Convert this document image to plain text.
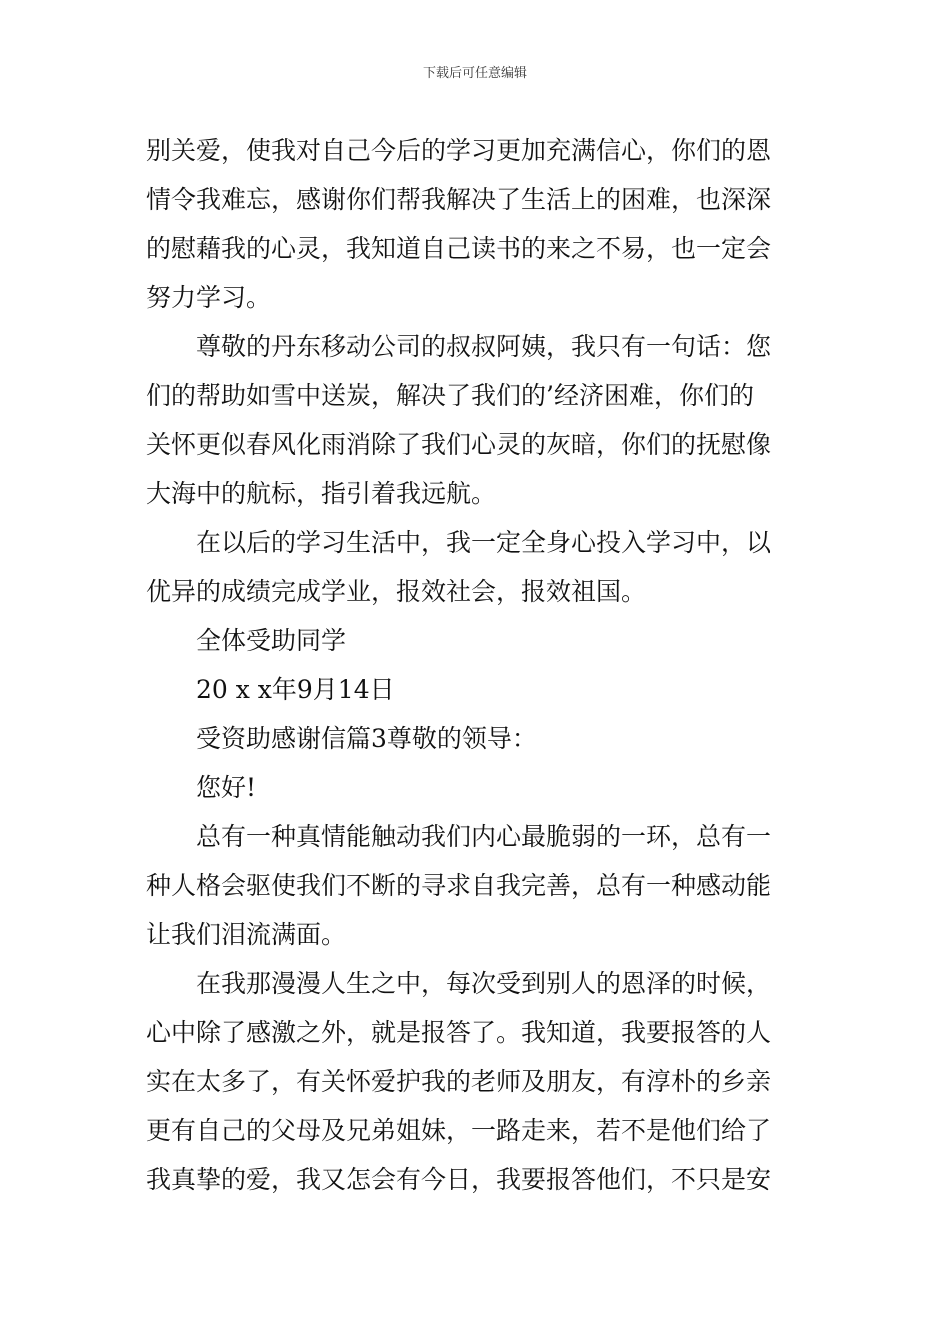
下载后可任意编辑
别关爱，使我对自己今后的学习更加充满信心，你们的恩
情令我难忘，感谢你们帮我解决了生活上的困难，也深深
的慰藉我的心灵，我知道自己读书的来之不易，也一定会
努力学习。
尊敬的丹东移动公司的叔叔阿姨，我只有一句话：您
们的帮助如雪中送炭，解决了我们的’经济困难，你们的
关怀更似春风化雨消除了我们心灵的灰暗，你们的抚慰像
大海中的航标，指引着我远航。
在以后的学习生活中，我一定全身心投入学习中，以
优异的成绩完成学业，报效社会，报效祖国。
全体受助同学
20 x x年9月14日
受资助感谢信篇3尊敬的领导：
您好!
总有一种真情能触动我们内心最脆弱的一环，总有一
种人格会驱使我们不断的寻求自我完善，总有一种感动能
让我们泪流满面。
在我那漫漫人生之中，每次受到别人的恩泽的时候，
心中除了感激之外，就是报答了。我知道，我要报答的人
实在太多了，有关怀爱护我的老师及朋友，有淳朴的乡亲
更有自己的父母及兄弟姐妹，一路走来，若不是他们给了
我真挚的爱，我又怎会有今日，我要报答他们，不只是安
